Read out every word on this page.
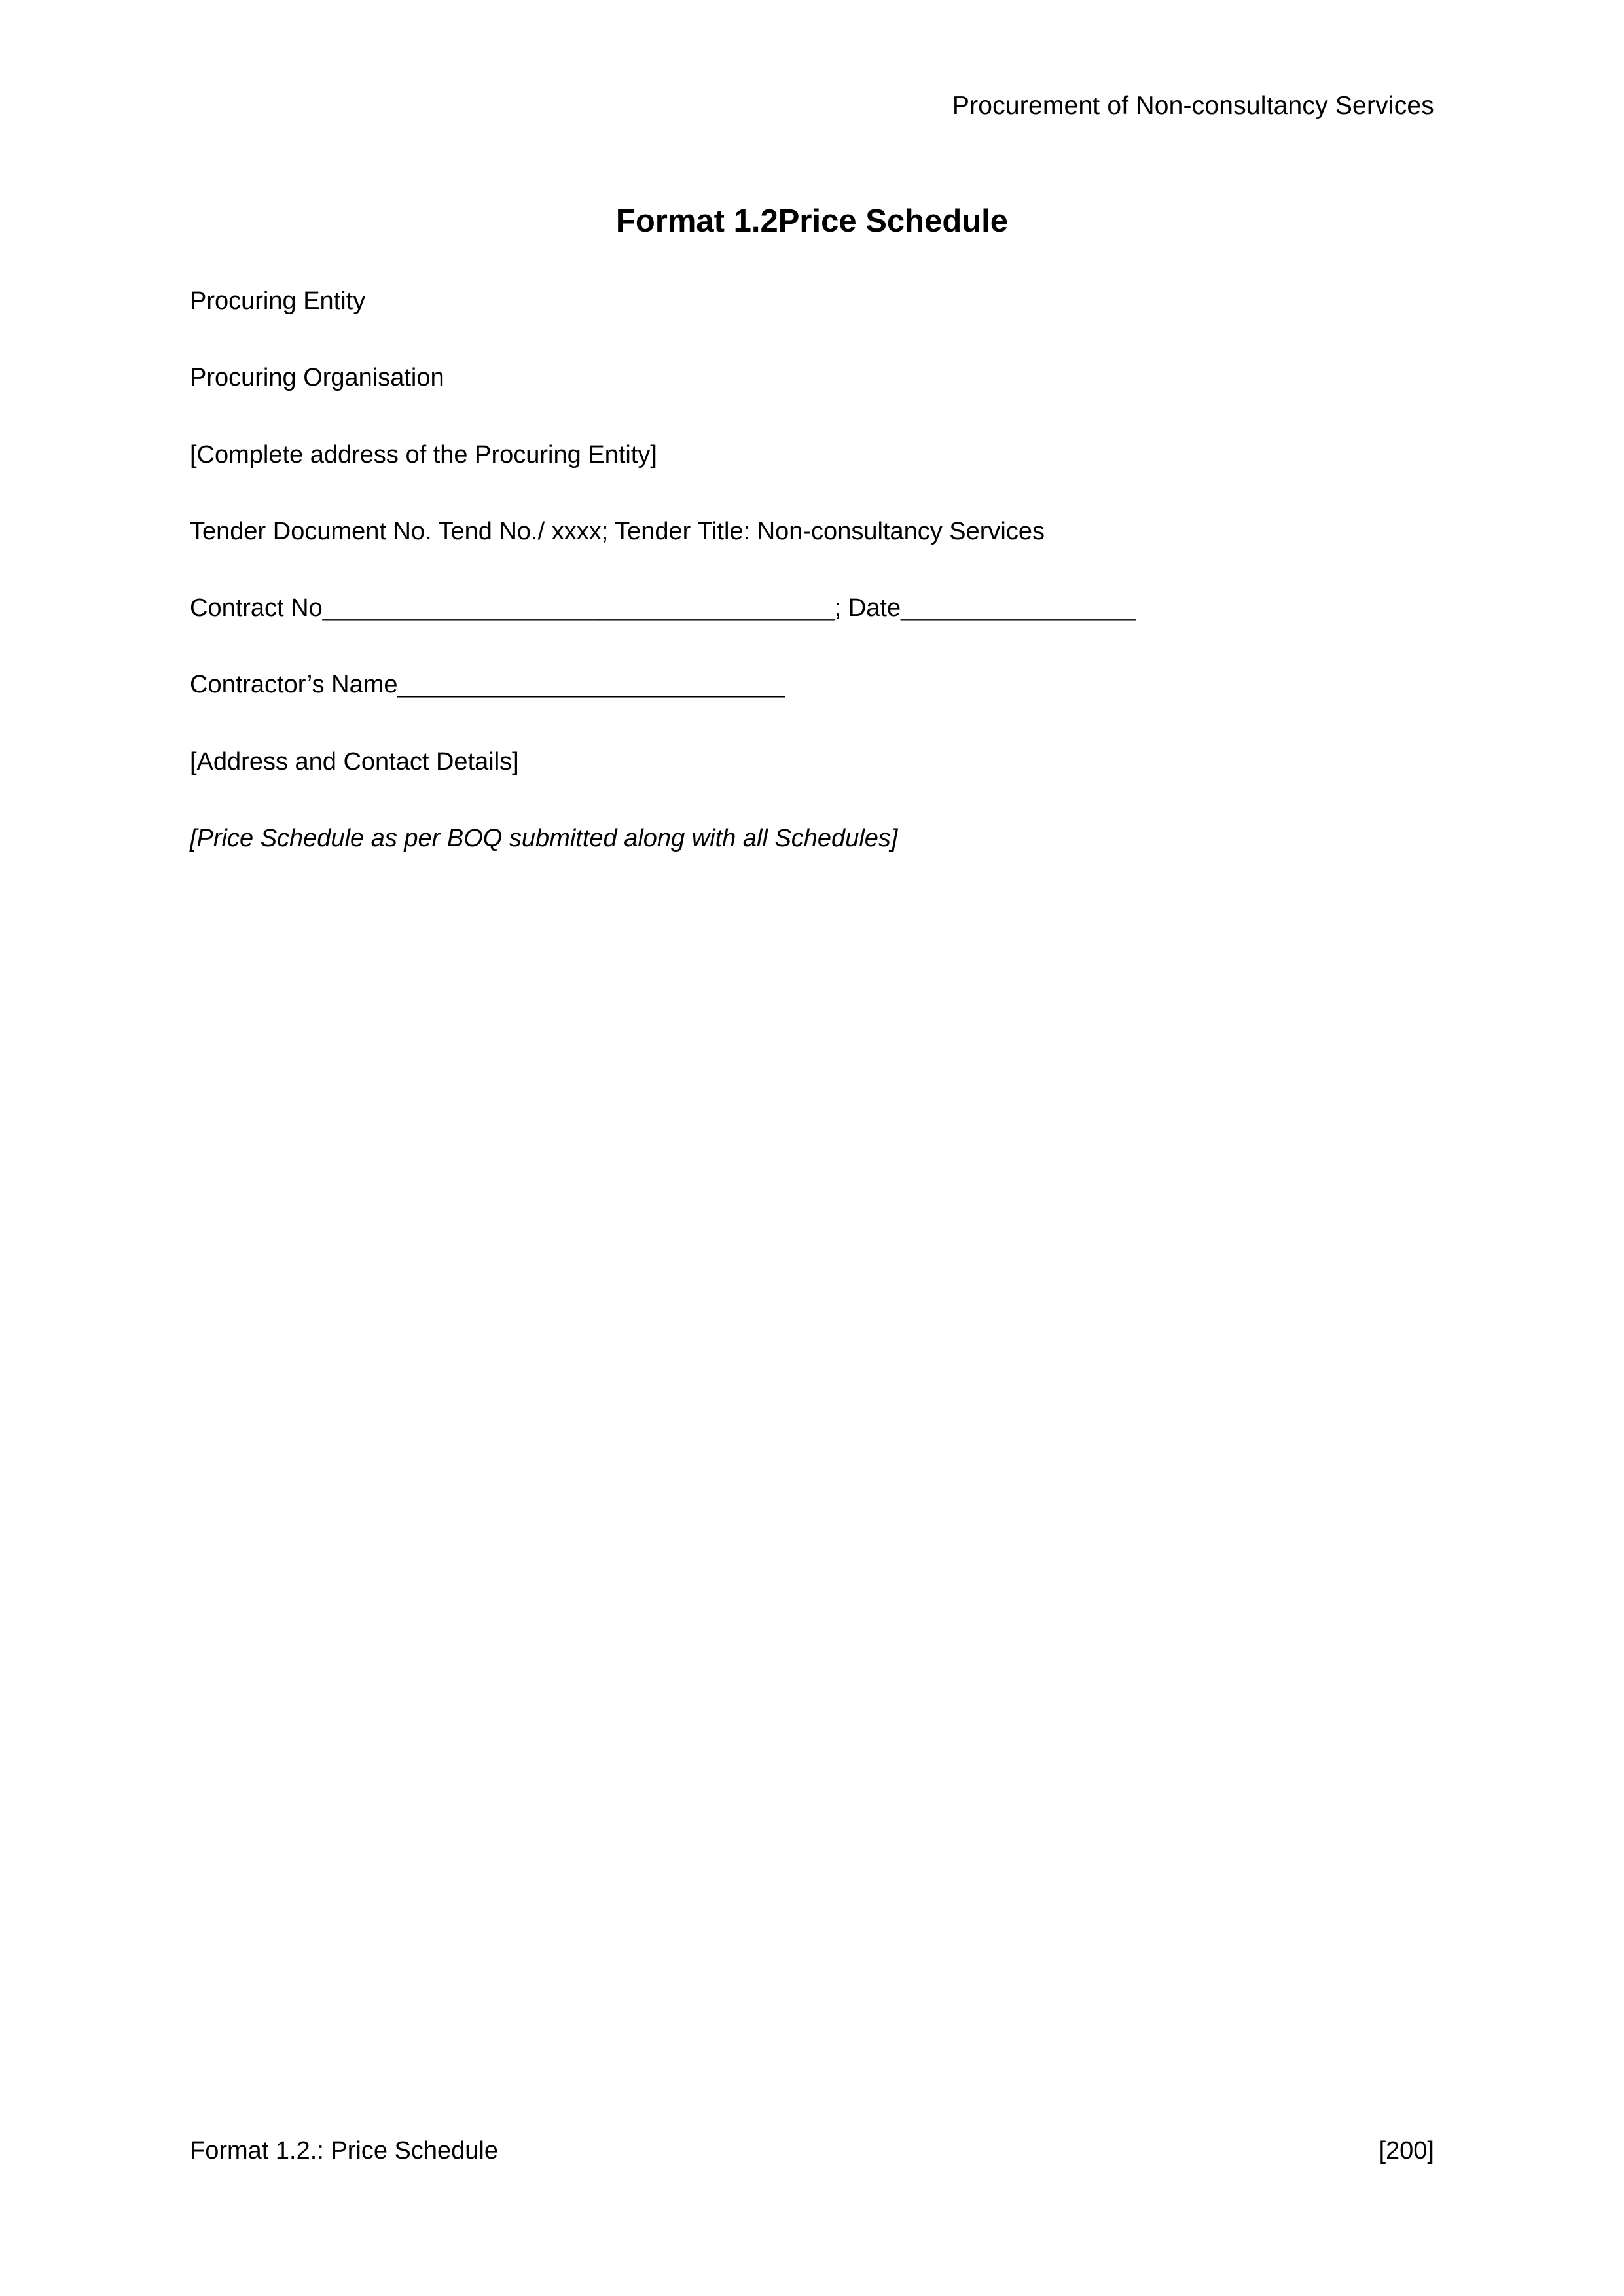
Procurement of Non-consultancy Services
Format 1.2Price Schedule

Procuring Entity

Procuring Organisation

[Complete address of the Procuring Entity]

Tender Document No. Tend No./ xxxx; Tender Title: Non-consultancy Services

Contract No_____________________________________; Date_________________

Contractor’s Name____________________________

[Address and Contact Details]

[Price Schedule as per BOQ submitted along with all Schedules]

Format 1.2.: Price Schedule	[200]
